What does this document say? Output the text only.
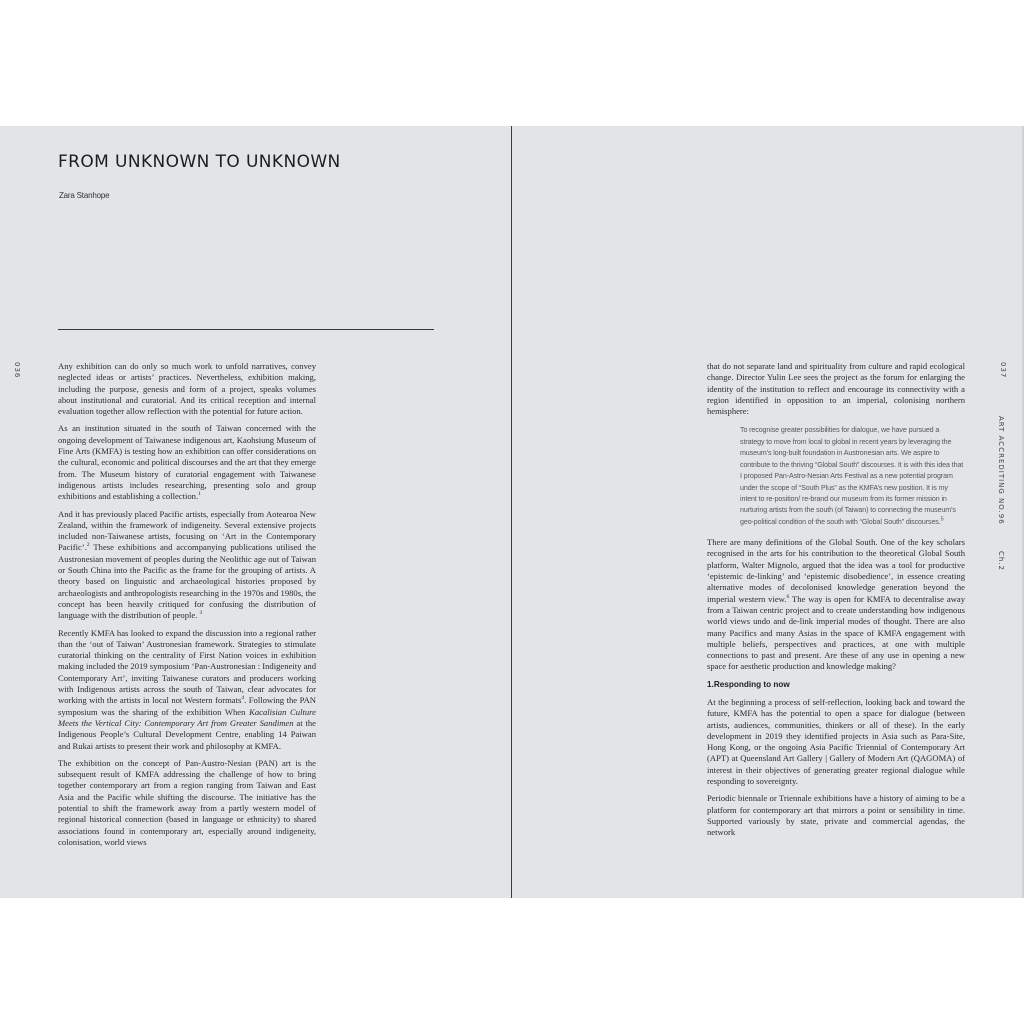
FROM UNKNOWN TO UNKNOWN
Zara Stanhope
036	Any exhibition can do only so much work to unfold narratives, convey neglected ideas or artists’ practices. Nevertheless, exhibition making, including the purpose, genesis and form of a project, speaks volumes about institutional and curatorial. And its critical reception and internal evaluation together allow reflection with the potential for future action.

As an institution situated in the south of Taiwan concerned with the ongoing development of Taiwanese indigenous art, Kaohsiung Museum of Fine Arts (KMFA) is testing how an exhibition can offer considerations on the cultural, economic and political discourses and the art that they emerge from. The Museum history of curatorial engagement with Taiwanese indigenous artists includes researching, presenting solo and group exhibitions and establishing a collection.$^1$

And it has previously placed Pacific artists, especially from Aotearoa New Zealand, within the framework of indigeneity. Several extensive projects included non-Taiwanese artists, focusing on ‘Art in the Contemporary Pacific’.$^2$ These exhibitions and accompanying publications utilised the Austronesian movement of peoples during the Neolithic age out of Taiwan or South China into the Pacific as the frame for the grouping of artists. A theory based on linguistic and archaeological histories proposed by archaeologists and anthropologists researching in the 1970s and 1980s, the concept has been heavily critiqued for confusing the distribution of language with the distribution of people. $^3$

Recently KMFA has looked to expand the discussion into a regional rather than the ‘out of Taiwan’ Austronesian framework. Strategies to stimulate curatorial thinking on the centrality of First Nation voices in exhibition making included the 2019 symposium ‘Pan-Austronesian : Indigeneity and Contemporary Art’, inviting Taiwanese curators and producers working with Indigenous artists across the south of Taiwan, clear advocates for working with the artists in local not Western formats$^4$. Following the PAN symposium was the sharing of the exhibition When Kacalisian Culture Meets the Vertical City: Contemporary Art from Greater Sandimen at the Indigenous People’s Cultural Development Centre, enabling 14 Paiwan and Rukai artists to present their work and philosophy at KMFA.

The exhibition on the concept of Pan-Austro-Nesian (PAN) art is the subsequent result of KMFA addressing the challenge of how to bring together contemporary art from a region ranging from Taiwan and East Asia and the Pacific while shifting the discourse. The initiative has the potential to shift the framework away from a partly western model of regional historical connection (based in language or ethnicity) to shared associations found in contemporary art, especially around indigeneity, colonisation, world views

037
ART ACCREDITING NO.96Ch.2

that do not separate land and spirituality from culture and rapid ecological change. Director Yulin Lee sees the project as the forum for enlarging the identity of the institution to reflect and encourage its connectivity with a region identified in opposition to an imperial, colonising northern hemisphere:

To recognise greater possibilities for dialogue, we have pursued a strategy to move from local to global in recent years by leveraging the museum’s long-built foundation in Austronesian arts. We aspire to contribute to the thriving “Global South” discourses. It is with this idea that I proposed Pan-Astro-Nesian Arts Festival as a new potential program under the scope of “South Plus” as the KMFA’s new position. It is my intent to re-position/ re-brand our museum from its former mission in nurturing artists from the south (of Taiwan) to connecting the museum’s geo-political condition of the south with “Global South” discourses.$^5$

There are many definitions of the Global South. One of the key scholars recognised in the arts for his contribution to the theoretical Global South platform, Walter Mignolo, argued that the idea was a tool for productive ‘epistemic de-linking’ and ‘epistemic disobedience’, in essence creating alternative modes of decolonised knowledge generation beyond the imperial western view.$^6$ The way is open for KMFA to decentralise away from a Taiwan centric project and to create understanding how indigenous world views undo and de-link imperial modes of thought. There are also many Pacifics and many Asias in the space of KMFA engagement with multiple beliefs, perspectives and practices, at one with multiple connections to past and present. Are these of any use in opening a new space for aesthetic production and knowledge making?

1.Responding to now

At the beginning a process of self-reflection, looking back and toward the future, KMFA has the potential to open a space for dialogue (between artists, audiences, communities, thinkers or all of these). In the early development in 2019 they identified projects in Asia such as Para-Site, Hong Kong, or the ongoing Asia Pacific Triennial of Contemporary Art (APT) at Queensland Art Gallery | Gallery of Modern Art (QAGOMA) of interest in their objectives of generating greater regional dialogue while responding to sovereignty.

Periodic biennale or Triennale exhibitions have a history of aiming to be a platform for contemporary art that mirrors a point or sensibility in time. Supported variously by state, private and commercial agendas, the network
